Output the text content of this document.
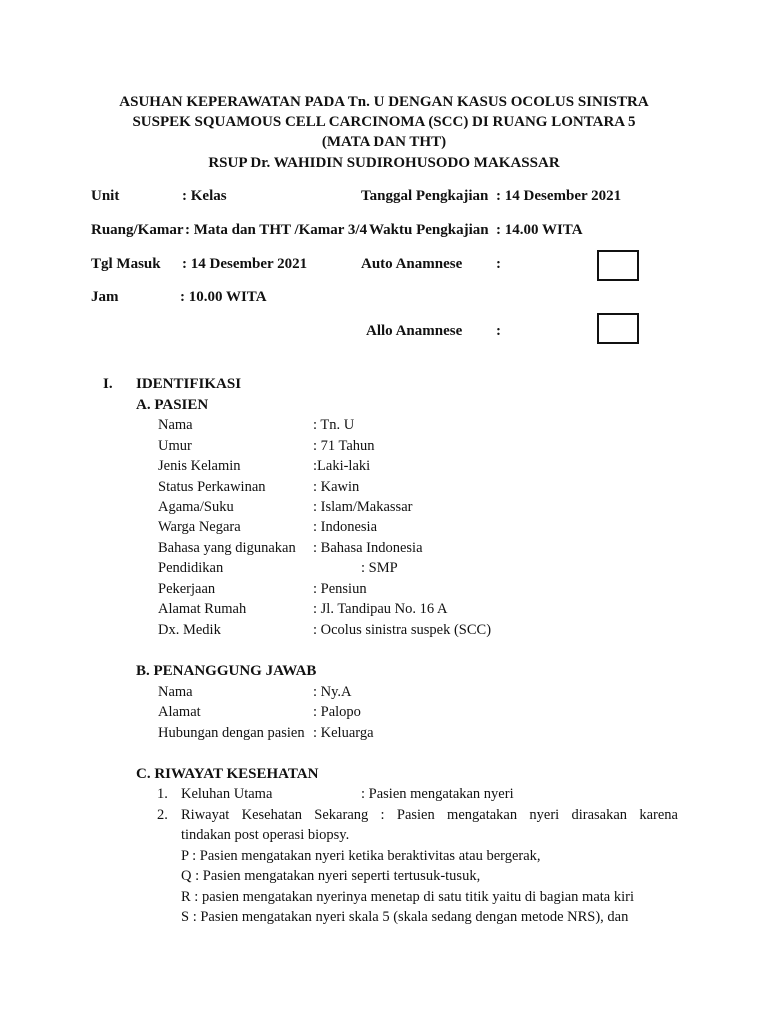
ASUHAN KEPERAWATAN PADA Tn. U DENGAN KASUS OCOLUS SINISTRA
SUSPEK SQUAMOUS CELL CARCINOMA (SCC) DI RUANG LONTARA 5
(MATA DAN THT)
RSUP Dr. WAHIDIN SUDIROHUSODO MAKASSAR
Unit	: Kelas	Tanggal Pengkajian : 14 Desember 2021
Ruang/Kamar : Mata dan THT /Kamar 3/4 Waktu Pengkajian : 14.00 WITA
Tgl Masuk : 14 Desember 2021	Auto Anamnese :
Jam	: 10.00 WITA
Allo Anamnese :
I. IDENTIFIKASI
A. PASIEN
Nama	: Tn. U
Umur	: 71 Tahun
Jenis Kelamin	:Laki-laki
Status Perkawinan	: Kawin
Agama/Suku	: Islam/Makassar
Warga Negara	: Indonesia
Bahasa yang digunakan : Bahasa Indonesia
Pendidikan	: SMP
Pekerjaan	: Pensiun
Alamat Rumah	: Jl. Tandipau No. 16 A
Dx. Medik	: Ocolus sinistra suspek (SCC)
B. PENANGGUNG JAWAB
Nama	: Ny.A
Alamat	: Palopo
Hubungan dengan pasien : Keluarga
C. RIWAYAT KESEHATAN
1. Keluhan Utama	: Pasien mengatakan nyeri
2. Riwayat Kesehatan Sekarang : Pasien mengatakan nyeri dirasakan karena
tindakan post operasi biopsy.
P : Pasien mengatakan nyeri ketika beraktivitas atau bergerak,
Q : Pasien mengatakan nyeri seperti tertusuk-tusuk,
R : pasien mengatakan nyerinya menetap di satu titik yaitu di bagian mata kiri
S : Pasien mengatakan nyeri skala 5 (skala sedang dengan metode NRS), dan
